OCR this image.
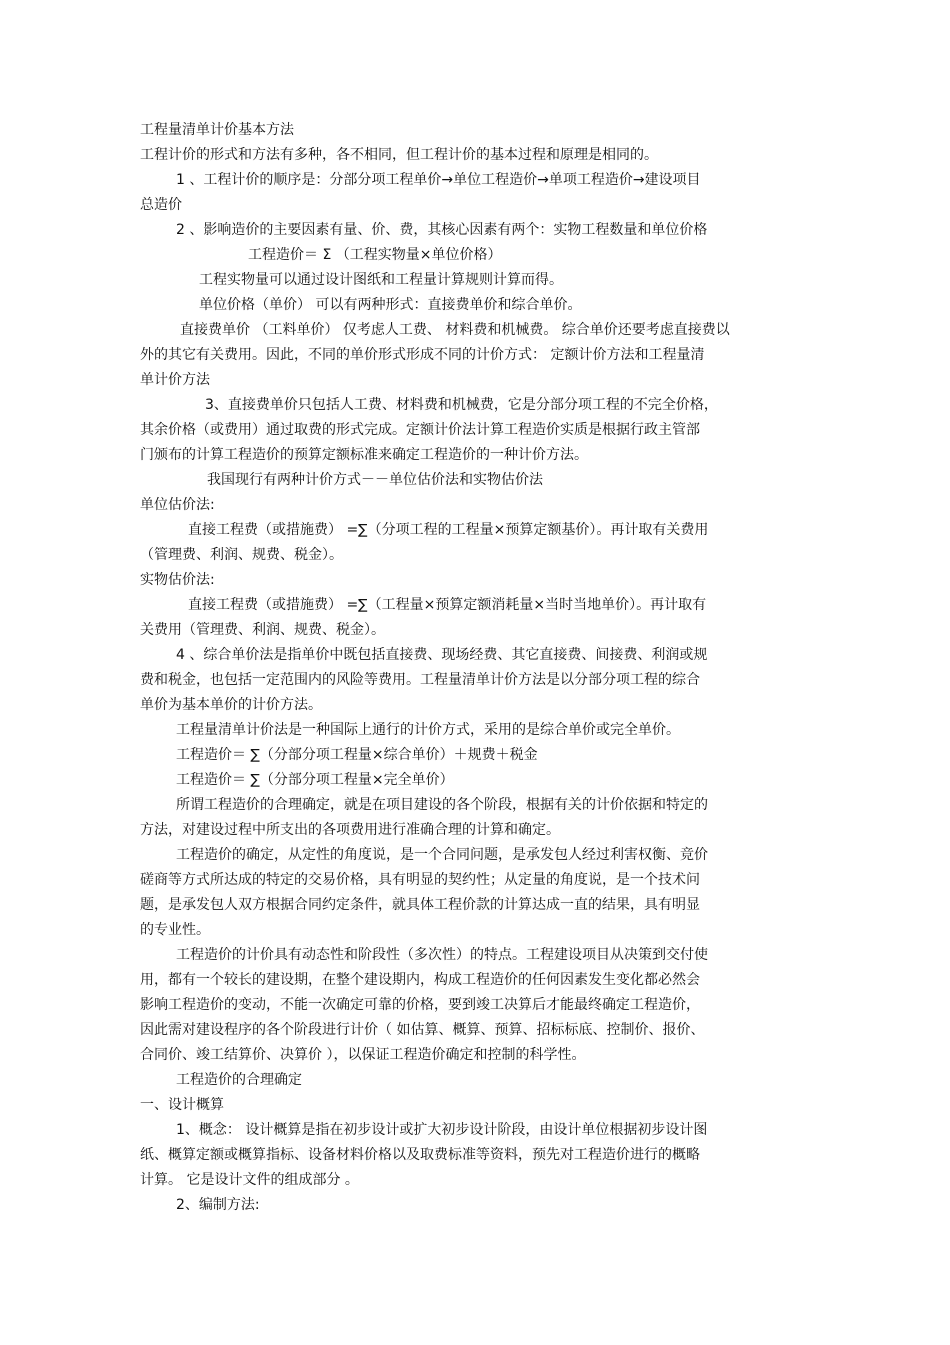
工程量清单计价基本方法
工程计价的形式和方法有多种，各不相同，但工程计价的基本过程和原理是相同的。
1 、工程计价的顺序是：分部分项工程单价→单位工程造价→单项工程造价→建设项目
总造价
2 、影响造价的主要因素有量、价、费，其核心因素有两个：实物工程数量和单位价格
工程造价＝ Σ （工程实物量×单位价格）
工程实物量可以通过设计图纸和工程量计算规则计算而得。
单位价格（单价） 可以有两种形式：直接费单价和综合单价。
直接费单价 （工料单价） 仅考虑人工费、 材料费和机械费。 综合单价还要考虑直接费以
外的其它有关费用。因此，不同的单价形式形成不同的计价方式： 定额计价方法和工程量清
单计价方法
3、直接费单价只包括人工费、材料费和机械费，它是分部分项工程的不完全价格，
其余价格（或费用）通过取费的形式完成。定额计价法计算工程造价实质是根据行政主管部
门颁布的计算工程造价的预算定额标准来确定工程造价的一种计价方法。
我国现行有两种计价方式－－单位估价法和实物估价法
单位估价法:
直接工程费（或措施费） =∑（分项工程的工程量×预算定额基价）。再计取有关费用
（管理费、利润、规费、税金）。
实物估价法:
直接工程费（或措施费） =∑（工程量×预算定额消耗量×当时当地单价）。再计取有
关费用（管理费、利润、规费、税金）。
4 、综合单价法是指单价中既包括直接费、现场经费、其它直接费、间接费、利润或规
费和税金，也包括一定范围内的风险等费用。工程量清单计价方法是以分部分项工程的综合
单价为基本单价的计价方法。
工程量清单计价法是一种国际上通行的计价方式，采用的是综合单价或完全单价。
工程造价＝ ∑（分部分项工程量×综合单价）＋规费＋税金
工程造价＝ ∑（分部分项工程量×完全单价）
所谓工程造价的合理确定，就是在项目建设的各个阶段，根据有关的计价依据和特定的
方法，对建设过程中所支出的各项费用进行准确合理的计算和确定。
工程造价的确定，从定性的角度说，是一个合同问题，是承发包人经过利害权衡、竞价
磋商等方式所达成的特定的交易价格，具有明显的契约性；从定量的角度说，是一个技术问
题，是承发包人双方根据合同约定条件，就具体工程价款的计算达成一直的结果，具有明显
的专业性。
工程造价的计价具有动态性和阶段性（多次性）的特点。工程建设项目从决策到交付使
用，都有一个较长的建设期，在整个建设期内，构成工程造价的任何因素发生变化都必然会
影响工程造价的变动，不能一次确定可靠的价格，要到竣工决算后才能最终确定工程造价，
因此需对建设程序的各个阶段进行计价（ 如估算、概算、预算、招标标底、控制价、报价、
合同价、竣工结算价、决算价 ），以保证工程造价确定和控制的科学性。
工程造价的合理确定
一、设计概算
1、概念： 设计概算是指在初步设计或扩大初步设计阶段，由设计单位根据初步设计图
纸、概算定额或概算指标、设备材料价格以及取费标准等资料，预先对工程造价进行的概略
计算。 它是设计文件的组成部分 。
2、编制方法:
